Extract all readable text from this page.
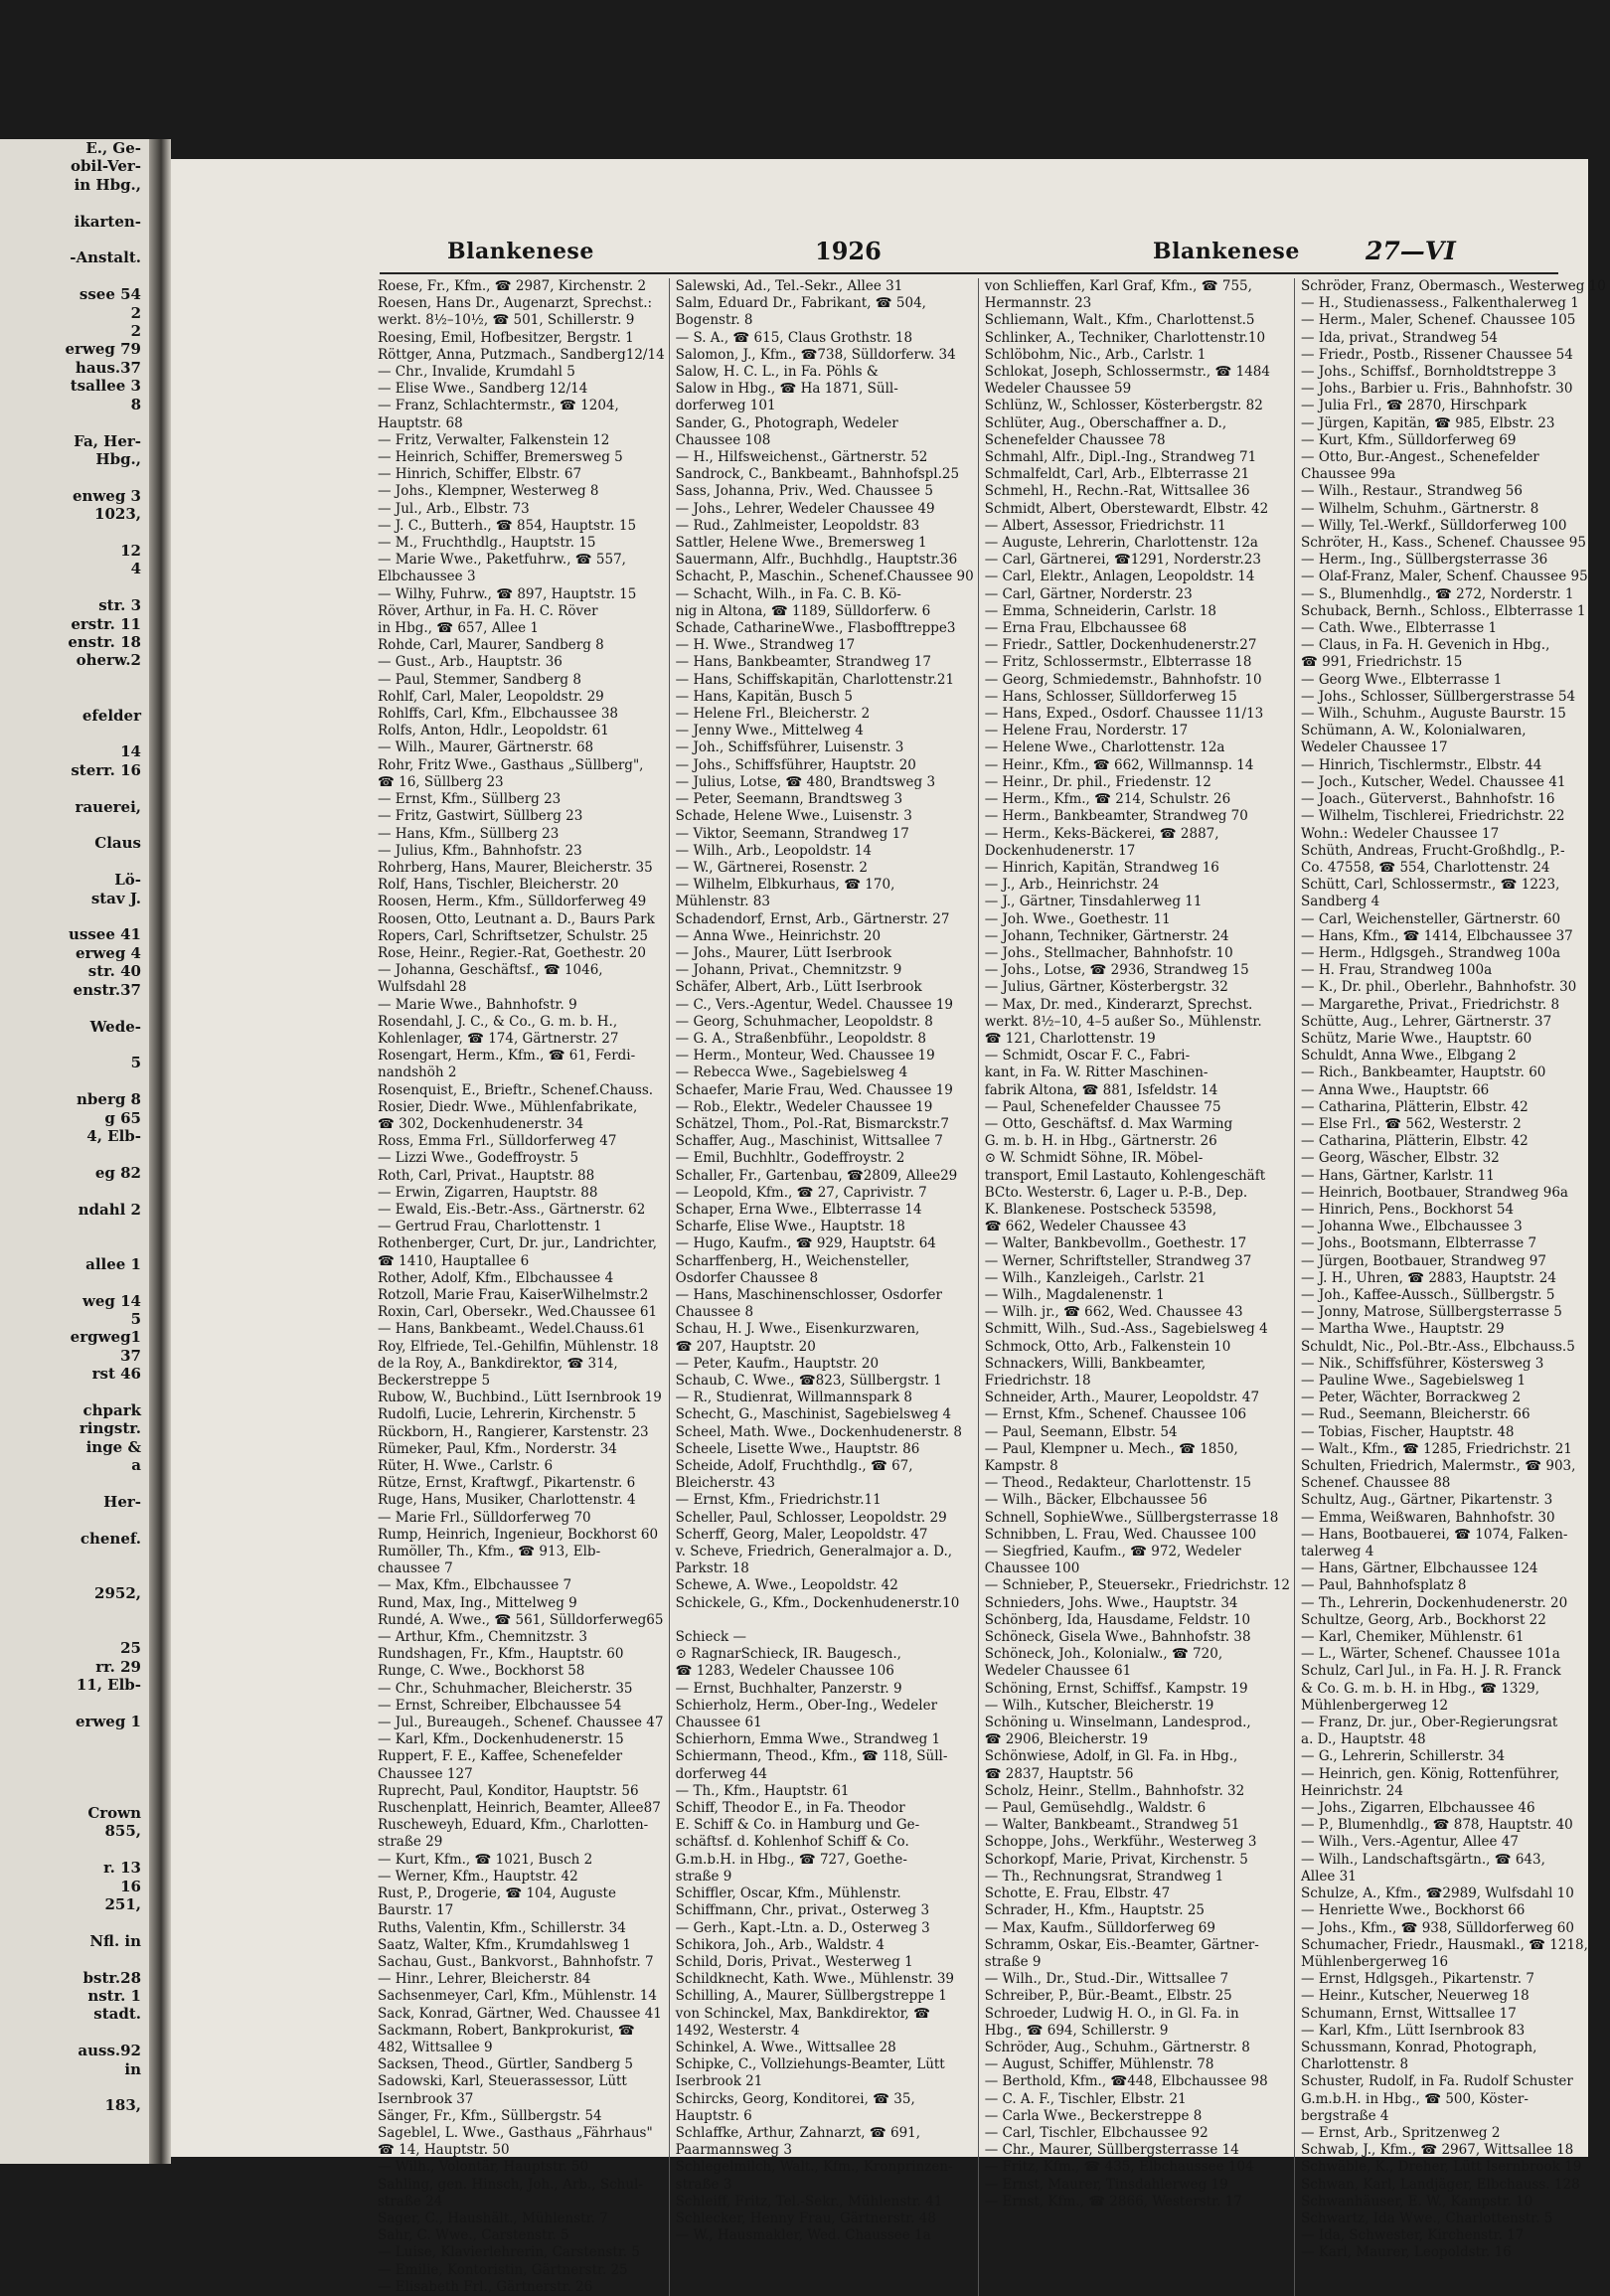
E., Ge-
obil-Ver-
in Hbg.,

ikarten-

-Anstalt.

ssee 54
2
2
erweg 79
haus.37
tsallee 3
8

Fa, Her-
Hbg.,

enweg 3
1023,

12
4

str. 3
erstr. 11
enstr. 18
oherw.2

efelder

14
sterr. 16

rauerei,

Claus

Lö-
stav J.

ussee 41
erweg 4
str. 40
enstr.37

Wede-

5

nberg 8
g 65
4, Elb-

eg 82

ndahl 2

allee 1

weg 14
5
ergweg1
37
rst 46

chpark
ringstr.
inge &
a

Her-

chenef.

2952,

25
rr. 29
11, Elb-

erweg 1

Crown
855,

r. 13
16
251,

Nfl. in

bstr.28
nstr. 1
stadt.

auss.92
in

183,
Blankenese	1926	Blankenese	27—VI
Roese, Fr., Kfm., ☎ 2987, Kirchenstr. 2
Roesen, Hans Dr., Augenarzt, Sprechst.:
werkt. 8½–10½, ☎ 501, Schillerstr. 9
Roesing, Emil, Hofbesitzer, Bergstr. 1
Röttger, Anna, Putzmach., Sandberg12/14
— Chr., Invalide, Krumdahl 5
— Elise Wwe., Sandberg 12/14
— Franz, Schlachtermstr., ☎ 1204,
Hauptstr. 68
— Fritz, Verwalter, Falkenstein 12
— Heinrich, Schiffer, Bremersweg 5
— Hinrich, Schiffer, Elbstr. 67
— Johs., Klempner, Westerweg 8
— Jul., Arb., Elbstr. 73
— J. C., Butterh., ☎ 854, Hauptstr. 15
— M., Fruchthdlg., Hauptstr. 15
— Marie Wwe., Paketfuhrw., ☎ 557,
Elbchaussee 3
— Wilhy, Fuhrw., ☎ 897, Hauptstr. 15
Röver, Arthur, in Fa. H. C. Röver
in Hbg., ☎ 657, Allee 1
Rohde, Carl, Maurer, Sandberg 8
— Gust., Arb., Hauptstr. 36
— Paul, Stemmer, Sandberg 8
Rohlf, Carl, Maler, Leopoldstr. 29
Rohlffs, Carl, Kfm., Elbchaussee 38
Rolfs, Anton, Hdlr., Leopoldstr. 61
— Wilh., Maurer, Gärtnerstr. 68
Rohr, Fritz Wwe., Gasthaus „Süllberg",
☎ 16, Süllberg 23
— Ernst, Kfm., Süllberg 23
— Fritz, Gastwirt, Süllberg 23
— Hans, Kfm., Süllberg 23
— Julius, Kfm., Bahnhofstr. 23
Rohrberg, Hans, Maurer, Bleicherstr. 35
Rolf, Hans, Tischler, Bleicherstr. 20
Roosen, Herm., Kfm., Sülldorferweg 49
Roosen, Otto, Leutnant a. D., Baurs Park
Ropers, Carl, Schriftsetzer, Schulstr. 25
Rose, Heinr., Regier.-Rat, Goethestr. 20
— Johanna, Geschäftsf., ☎ 1046,
Wulfsdahl 28
— Marie Wwe., Bahnhofstr. 9
Rosendahl, J. C., & Co., G. m. b. H.,
Kohlenlager, ☎ 174, Gärtnerstr. 27
Rosengart, Herm., Kfm., ☎ 61, Ferdi-
nandshöh 2
Rosenquist, E., Brieftr., Schenef.Chauss.
Rosier, Diedr. Wwe., Mühlenfabrikate,
☎ 302, Dockenhudenerstr. 34
Ross, Emma Frl., Sülldorferweg 47
— Lizzi Wwe., Godeffroystr. 5
Roth, Carl, Privat., Hauptstr. 88
— Erwin, Zigarren, Hauptstr. 88
— Ewald, Eis.-Betr.-Ass., Gärtnerstr. 62
— Gertrud Frau, Charlottenstr. 1
Rothenberger, Curt, Dr. jur., Landrichter,
☎ 1410, Hauptallee 6
Rother, Adolf, Kfm., Elbchaussee 4
Rotzoll, Marie Frau, KaiserWilhelmstr.2
Roxin, Carl, Obersekr., Wed.Chaussee 61
— Hans, Bankbeamt., Wedel.Chauss.61
Roy, Elfriede, Tel.-Gehilfin, Mühlenstr. 18
de la Roy, A., Bankdirektor, ☎ 314,
Beckerstreppe 5
Rubow, W., Buchbind., Lütt Isernbrook 19
Rudolfi, Lucie, Lehrerin, Kirchenstr. 5
Rückborn, H., Rangierer, Karstenstr. 23
Rümeker, Paul, Kfm., Norderstr. 34
Rüter, H. Wwe., Carlstr. 6
Rütze, Ernst, Kraftwgf., Pikartenstr. 6
Ruge, Hans, Musiker, Charlottenstr. 4
— Marie Frl., Sülldorferweg 70
Rump, Heinrich, Ingenieur, Bockhorst 60
Rumöller, Th., Kfm., ☎ 913, Elb-
chaussee 7
— Max, Kfm., Elbchaussee 7
Rund, Max, Ing., Mittelweg 9
Rundé, A. Wwe., ☎ 561, Sülldorferweg65
— Arthur, Kfm., Chemnitzstr. 3
Rundshagen, Fr., Kfm., Hauptstr. 60
Runge, C. Wwe., Bockhorst 58
— Chr., Schuhmacher, Bleicherstr. 35
— Ernst, Schreiber, Elbchaussee 54
— Jul., Bureaugeh., Schenef. Chaussee 47
— Karl, Kfm., Dockenhudenerstr. 15
Ruppert, F. E., Kaffee, Schenefelder
Chaussee 127
Ruprecht, Paul, Konditor, Hauptstr. 56
Ruschenplatt, Heinrich, Beamter, Allee87
Ruscheweyh, Eduard, Kfm., Charlotten-
straße 29
— Kurt, Kfm., ☎ 1021, Busch 2
— Werner, Kfm., Hauptstr. 42
Rust, P., Drogerie, ☎ 104, Auguste
Baurstr. 17
Ruths, Valentin, Kfm., Schillerstr. 34
Saatz, Walter, Kfm., Krumdahlsweg 1
Sachau, Gust., Bankvorst., Bahnhofstr. 7
— Hinr., Lehrer, Bleicherstr. 84
Sachsenmeyer, Carl, Kfm., Mühlenstr. 14
Sack, Konrad, Gärtner, Wed. Chaussee 41
Sackmann, Robert, Bankprokurist, ☎
482, Wittsallee 9
Sacksen, Theod., Gürtler, Sandberg 5
Sadowski, Karl, Steuerassessor, Lütt
Isernbrook 37
Sänger, Fr., Kfm., Süllbergstr. 54
Sageblel, L. Wwe., Gasthaus „Fährhaus"
☎ 14, Hauptstr. 50
— Wilh., Volontär, Hauptstr. 50
Sahling, gen. Hinsch, Joh., Arb., Schul-
straße 24
Sager, C., Haushält., Mühlenstr. 7
Sahr, C. Wwe., Carstenstr. 5
— Luise, Klavierlehrerin, Carstenstr. 5
— Emilie, Kontoristin, Gärtnerstr. 25
— Elisabeth Frl., Gärtnerstr. 26
Salewski, Ad., Tel.-Sekr., Allee 31
Salm, Eduard Dr., Fabrikant, ☎ 504,
Bogenstr. 8
— S. A., ☎ 615, Claus Grothstr. 18
Salomon, J., Kfm., ☎738, Sülldorferw. 34
Salow, H. C. L., in Fa. Pöhls &
Salow in Hbg., ☎ Ha 1871, Süll-
dorferweg 101
Sander, G., Photograph, Wedeler
Chaussee 108
— H., Hilfsweichenst., Gärtnerstr. 52
Sandrock, C., Bankbeamt., Bahnhofspl.25
Sass, Johanna, Priv., Wed. Chaussee 5
— Johs., Lehrer, Wedeler Chaussee 49
— Rud., Zahlmeister, Leopoldstr. 83
Sattler, Helene Wwe., Bremersweg 1
Sauermann, Alfr., Buchhdlg., Hauptstr.36
Schacht, P., Maschin., Schenef.Chaussee 90
— Schacht, Wilh., in Fa. C. B. Kö-
nig in Altona, ☎ 1189, Sülldorferw. 6
Schade, CatharineWwe., Flasbofftreppe3
— H. Wwe., Strandweg 17
— Hans, Bankbeamter, Strandweg 17
— Hans, Schiffskapitän, Charlottenstr.21
— Hans, Kapitän, Busch 5
— Helene Frl., Bleicherstr. 2
— Jenny Wwe., Mittelweg 4
— Joh., Schiffsführer, Luisenstr. 3
— Johs., Schiffsführer, Hauptstr. 20
— Julius, Lotse, ☎ 480, Brandtsweg 3
— Peter, Seemann, Brandtsweg 3
Schade, Helene Wwe., Luisenstr. 3
— Viktor, Seemann, Strandweg 17
— Wilh., Arb., Leopoldstr. 14
— W., Gärtnerei, Rosenstr. 2
— Wilhelm, Elbkurhaus, ☎ 170,
Mühlenstr. 83
Schadendorf, Ernst, Arb., Gärtnerstr. 27
— Anna Wwe., Heinrichstr. 20
— Johs., Maurer, Lütt Iserbrook
— Johann, Privat., Chemnitzstr. 9
Schäfer, Albert, Arb., Lütt Iserbrook
— C., Vers.-Agentur, Wedel. Chaussee 19
— Georg, Schuhmacher, Leopoldstr. 8
— G. A., Straßenbführ., Leopoldstr. 8
— Herm., Monteur, Wed. Chaussee 19
— Rebecca Wwe., Sagebielsweg 4
Schaefer, Marie Frau, Wed. Chaussee 19
— Rob., Elektr., Wedeler Chaussee 19
Schätzel, Thom., Pol.-Rat, Bismarckstr.7
Schaffer, Aug., Maschinist, Wittsallee 7
— Emil, Buchhltr., Godeffroystr. 2
Schaller, Fr., Gartenbau, ☎2809, Allee29
— Leopold, Kfm., ☎ 27, Caprivistr. 7
Schaper, Erna Wwe., Elbterrasse 14
Scharfe, Elise Wwe., Hauptstr. 18
— Hugo, Kaufm., ☎ 929, Hauptstr. 64
Scharffenberg, H., Weichensteller,
Osdorfer Chaussee 8
— Hans, Maschinenschlosser, Osdorfer
Chaussee 8
Schau, H. J. Wwe., Eisenkurzwaren,
☎ 207, Hauptstr. 20
— Peter, Kaufm., Hauptstr. 20
Schaub, C. Wwe., ☎823, Süllbergstr. 1
— R., Studienrat, Willmannspark 8
Schecht, G., Maschinist, Sagebielsweg 4
Scheel, Math. Wwe., Dockenhudenerstr. 8
Scheele, Lisette Wwe., Hauptstr. 86
Scheide, Adolf, Fruchthdlg., ☎ 67,
Bleicherstr. 43
— Ernst, Kfm., Friedrichstr.11
Scheller, Paul, Schlosser, Leopoldstr. 29
Scherff, Georg, Maler, Leopoldstr. 47
v. Scheve, Friedrich, Generalmajor a. D.,
Parkstr. 18
Schewe, A. Wwe., Leopoldstr. 42
Schickele, G., Kfm., Dockenhudenerstr.10

Schieck —
⊙ RagnarSchieck, IR. Baugesch.,
☎ 1283, Wedeler Chaussee 106
— Ernst, Buchhalter, Panzerstr. 9
Schierholz, Herm., Ober-Ing., Wedeler
Chaussee 61
Schierhorn, Emma Wwe., Strandweg 1
Schiermann, Theod., Kfm., ☎ 118, Süll-
dorferweg 44
— Th., Kfm., Hauptstr. 61
Schiff, Theodor E., in Fa. Theodor
E. Schiff & Co. in Hamburg und Ge-
schäftsf. d. Kohlenhof Schiff & Co.
G.m.b.H. in Hbg., ☎ 727, Goethe-
straße 9
Schiffler, Oscar, Kfm., Mühlenstr.
Schiffmann, Chr., privat., Osterweg 3
— Gerh., Kapt.-Ltn. a. D., Osterweg 3
Schikora, Joh., Arb., Waldstr. 4
Schild, Doris, Privat., Westerweg 1
Schildknecht, Kath. Wwe., Mühlenstr. 39
Schilling, A., Maurer, Süllbergstreppe 1
von Schinckel, Max, Bankdirektor, ☎
1492, Westerstr. 4
Schinkel, A. Wwe., Wittsallee 28
Schipke, C., Vollziehungs-Beamter, Lütt
Iserbrook 21
Schircks, Georg, Konditorei, ☎ 35,
Hauptstr. 6
Schlaffke, Arthur, Zahnarzt, ☎ 691,
Paarmannsweg 3
Schlegelmilch, Walt., Kfm., Kronprinzen-
straße 3
Schleiff, Fritz, Tel.-Sekr., Mühlenstr. 41
Schlecker, Henny Frau, Gärtnerstr. 48
— W., Hausmakler, Wed. Chaussee 1a
von Schlieffen, Karl Graf, Kfm., ☎ 755,
Hermannstr. 23
Schliemann, Walt., Kfm., Charlottenst.5
Schlinker, A., Techniker, Charlottenstr.10
Schlöbohm, Nic., Arb., Carlstr. 1
Schlokat, Joseph, Schlossermstr., ☎ 1484
Wedeler Chaussee 59
Schlünz, W., Schlosser, Kösterbergstr. 82
Schlüter, Aug., Oberschaffner a. D.,
Schenefelder Chaussee 78
Schmahl, Alfr., Dipl.-Ing., Strandweg 71
Schmalfeldt, Carl, Arb., Elbterrasse 21
Schmehl, H., Rechn.-Rat, Wittsallee 36
Schmidt, Albert, Oberstewardt, Elbstr. 42
— Albert, Assessor, Friedrichstr. 11
— Auguste, Lehrerin, Charlottenstr. 12a
— Carl, Gärtnerei, ☎1291, Norderstr.23
— Carl, Elektr., Anlagen, Leopoldstr. 14
— Carl, Gärtner, Norderstr. 23
— Emma, Schneiderin, Carlstr. 18
— Erna Frau, Elbchaussee 68
— Friedr., Sattler, Dockenhudenerstr.27
— Fritz, Schlossermstr., Elbterrasse 18
— Georg, Schmiedemstr., Bahnhofstr. 10
— Hans, Schlosser, Sülldorferweg 15
— Hans, Exped., Osdorf. Chaussee 11/13
— Helene Frau, Norderstr. 17
— Helene Wwe., Charlottenstr. 12a
— Heinr., Kfm., ☎ 662, Willmannsp. 14
— Heinr., Dr. phil., Friedenstr. 12
— Herm., Kfm., ☎ 214, Schulstr. 26
— Herm., Bankbeamter, Strandweg 70
— Herm., Keks-Bäckerei, ☎ 2887,
Dockenhudenerstr. 17
— Hinrich, Kapitän, Strandweg 16
— J., Arb., Heinrichstr. 24
— J., Gärtner, Tinsdahlerweg 11
— Joh. Wwe., Goethestr. 11
— Johann, Techniker, Gärtnerstr. 24
— Johs., Stellmacher, Bahnhofstr. 10
— Johs., Lotse, ☎ 2936, Strandweg 15
— Julius, Gärtner, Kösterbergstr. 32
— Max, Dr. med., Kinderarzt, Sprechst.
werkt. 8½–10, 4–5 außer So., Mühlenstr.
☎ 121, Charlottenstr. 19
— Schmidt, Oscar F. C., Fabri-
kant, in Fa. W. Ritter Maschinen-
fabrik Altona, ☎ 881, Isfeldstr. 14
— Paul, Schenefelder Chaussee 75
— Otto, Geschäftsf. d. Max Warming
G. m. b. H. in Hbg., Gärtnerstr. 26
⊙ W. Schmidt Söhne, IR. Möbel-
transport, Emil Lastauto, Kohlengeschäft
BCto. Westerstr. 6, Lager u. P.-B., Dep.
K. Blankenese. Postscheck 53598,
☎ 662, Wedeler Chaussee 43
— Walter, Bankbevollm., Goethestr. 17
— Werner, Schriftsteller, Strandweg 37
— Wilh., Kanzleigeh., Carlstr. 21
— Wilh., Magdalenenstr. 1
— Wilh. jr., ☎ 662, Wed. Chaussee 43
Schmitt, Wilh., Sud.-Ass., Sagebielsweg 4
Schmock, Otto, Arb., Falkenstein 10
Schnackers, Willi, Bankbeamter,
Friedrichstr. 18
Schneider, Arth., Maurer, Leopoldstr. 47
— Ernst, Kfm., Schenef. Chaussee 106
— Paul, Seemann, Elbstr. 54
— Paul, Klempner u. Mech., ☎ 1850,
Kampstr. 8
— Theod., Redakteur, Charlottenstr. 15
— Wilh., Bäcker, Elbchaussee 56
Schnell, SophieWwe., Süllbergsterrasse 18
Schnibben, L. Frau, Wed. Chaussee 100
— Siegfried, Kaufm., ☎ 972, Wedeler
Chaussee 100
— Schnieber, P., Steuersekr., Friedrichstr. 12
Schnieders, Johs. Wwe., Hauptstr. 34
Schönberg, Ida, Hausdame, Feldstr. 10
Schöneck, Gisela Wwe., Bahnhofstr. 38
Schöneck, Joh., Kolonialw., ☎ 720,
Wedeler Chaussee 61
Schöning, Ernst, Schiffsf., Kampstr. 19
— Wilh., Kutscher, Bleicherstr. 19
Schöning u. Winselmann, Landesprod.,
☎ 2906, Bleicherstr. 19
Schönwiese, Adolf, in Gl. Fa. in Hbg.,
☎ 2837, Hauptstr. 56
Scholz, Heinr., Stellm., Bahnhofstr. 32
— Paul, Gemüsehdlg., Waldstr. 6
— Walter, Bankbeamt., Strandweg 51
Schoppe, Johs., Werkführ., Westerweg 3
Schorkopf, Marie, Privat, Kirchenstr. 5
— Th., Rechnungsrat, Strandweg 1
Schotte, E. Frau, Elbstr. 47
Schrader, H., Kfm., Hauptstr. 25
— Max, Kaufm., Sülldorferweg 69
Schramm, Oskar, Eis.-Beamter, Gärtner-
straße 9
— Wilh., Dr., Stud.-Dir., Wittsallee 7
Schreiber, P., Bür.-Beamt., Elbstr. 25
Schroeder, Ludwig H. O., in Gl. Fa. in
Hbg., ☎ 694, Schillerstr. 9
Schröder, Aug., Schuhm., Gärtnerstr. 8
— August, Schiffer, Mühlenstr. 78
— Berthold, Kfm., ☎448, Elbchaussee 98
— C. A. F., Tischler, Elbstr. 21
— Carla Wwe., Beckerstreppe 8
— Carl, Tischler, Elbchaussee 92
— Chr., Maurer, Süllbergsterrasse 14
— Fritz, Kfm., ☎ 435, Elbchaussee 104
— Ernst, Maurer, Tinsdahlerweg 19
— Ernst, Kfm., ☎ 2866, Westerstr. 17
Schröder, Franz, Obermasch., Westerweg 10
— H., Studienassess., Falkenthalerweg 1
— Herm., Maler, Schenef. Chaussee 105
— Ida, privat., Strandweg 54
— Friedr., Postb., Rissener Chaussee 54
— Johs., Schiffsf., Bornholdtstreppe 3
— Johs., Barbier u. Fris., Bahnhofstr. 30
— Julia Frl., ☎ 2870, Hirschpark
— Jürgen, Kapitän, ☎ 985, Elbstr. 23
— Kurt, Kfm., Sülldorferweg 69
— Otto, Bur.-Angest., Schenefelder
Chaussee 99a
— Wilh., Restaur., Strandweg 56
— Wilhelm, Schuhm., Gärtnerstr. 8
— Willy, Tel.-Werkf., Sülldorferweg 100
Schröter, H., Kass., Schenef. Chaussee 95
— Herm., Ing., Süllbergsterrasse 36
— Olaf-Franz, Maler, Schenf. Chaussee 95
— S., Blumenhdlg., ☎ 272, Norderstr. 1
Schuback, Bernh., Schloss., Elbterrasse 1
— Cath. Wwe., Elbterrasse 1
— Claus, in Fa. H. Gevenich in Hbg.,
☎ 991, Friedrichstr. 15
— Georg Wwe., Elbterrasse 1
— Johs., Schlosser, Süllbergerstrasse 54
— Wilh., Schuhm., Auguste Baurstr. 15
Schümann, A. W., Kolonialwaren,
Wedeler Chaussee 17
— Hinrich, Tischlermstr., Elbstr. 44
— Joch., Kutscher, Wedel. Chaussee 41
— Joach., Güterverst., Bahnhofstr. 16
— Wilhelm, Tischlerei, Friedrichstr. 22
Wohn.: Wedeler Chaussee 17
Schüth, Andreas, Frucht-Großhdlg., P.-
Co. 47558, ☎ 554, Charlottenstr. 24
Schütt, Carl, Schlossermstr., ☎ 1223,
Sandberg 4
— Carl, Weichensteller, Gärtnerstr. 60
— Hans, Kfm., ☎ 1414, Elbchaussee 37
— Herm., Hdlgsgeh., Strandweg 100a
— H. Frau, Strandweg 100a
— K., Dr. phil., Oberlehr., Bahnhofstr. 30
— Margarethe, Privat., Friedrichstr. 8
Schütte, Aug., Lehrer, Gärtnerstr. 37
Schütz, Marie Wwe., Hauptstr. 60
Schuldt, Anna Wwe., Elbgang 2
— Rich., Bankbeamter, Hauptstr. 60
— Anna Wwe., Hauptstr. 66
— Catharina, Plätterin, Elbstr. 42
— Else Frl., ☎ 562, Westerstr. 2
— Catharina, Plätterin, Elbstr. 42
— Georg, Wäscher, Elbstr. 32
— Hans, Gärtner, Karlstr. 11
— Heinrich, Bootbauer, Strandweg 96a
— Hinrich, Pens., Bockhorst 54
— Johanna Wwe., Elbchaussee 3
— Johs., Bootsmann, Elbterrasse 7
— Jürgen, Bootbauer, Strandweg 97
— J. H., Uhren, ☎ 2883, Hauptstr. 24
— Joh., Kaffee-Aussch., Süllbergstr. 5
— Jonny, Matrose, Süllbergsterrasse 5
— Martha Wwe., Hauptstr. 29
Schuldt, Nic., Pol.-Btr.-Ass., Elbchauss.5
— Nik., Schiffsführer, Köstersweg 3
— Pauline Wwe., Sagebielsweg 1
— Peter, Wächter, Borrackweg 2
— Rud., Seemann, Bleicherstr. 66
— Tobias, Fischer, Hauptstr. 48
— Walt., Kfm., ☎ 1285, Friedrichstr. 21
Schulten, Friedrich, Malermstr., ☎ 903,
Schenef. Chaussee 88
Schultz, Aug., Gärtner, Pikartenstr. 3
— Emma, Weißwaren, Bahnhofstr. 30
— Hans, Bootbauerei, ☎ 1074, Falken-
talerweg 4
— Hans, Gärtner, Elbchaussee 124
— Paul, Bahnhofsplatz 8
— Th., Lehrerin, Dockenhudenerstr. 20
Schultze, Georg, Arb., Bockhorst 22
— Karl, Chemiker, Mühlenstr. 61
— L., Wärter, Schenef. Chaussee 101a
Schulz, Carl Jul., in Fa. H. J. R. Franck
& Co. G. m. b. H. in Hbg., ☎ 1329,
Mühlenbergerweg 12
— Franz, Dr. jur., Ober-Regierungsrat
a. D., Hauptstr. 48
— G., Lehrerin, Schillerstr. 34
— Heinrich, gen. König, Rottenführer,
Heinrichstr. 24
— Johs., Zigarren, Elbchaussee 46
— P., Blumenhdlg., ☎ 878, Hauptstr. 40
— Wilh., Vers.-Agentur, Allee 47
— Wilh., Landschaftsgärtn., ☎ 643,
Allee 31
Schulze, A., Kfm., ☎2989, Wulfsdahl 10
— Henriette Wwe., Bockhorst 66
— Johs., Kfm., ☎ 938, Sülldorferweg 60
Schumacher, Friedr., Hausmakl., ☎ 1218,
Mühlenbergerweg 16
— Ernst, Hdlgsgeh., Pikartenstr. 7
— Heinr., Kutscher, Neuerweg 18
Schumann, Ernst, Wittsallee 17
— Karl, Kfm., Lütt Isernbrook 83
Schussmann, Konrad, Photograph,
Charlottenstr. 8
Schuster, Rudolf, in Fa. Rudolf Schuster
G.m.b.H. in Hbg., ☎ 500, Köster-
bergstraße 4
— Ernst, Arb., Spritzenweg 2
Schwab, J., Kfm., ☎ 2967, Wittsallee 18
Schwäble, K., Dreher, Lütt Isernbrook 19
Schwan, Karl, Landjäger, Elbchauss. 128
Schwanhäuser, E. W., Kampstr. 10
Schwartz, Ida Wwe., Charlottenstr. 5
— Ida, Schwester, Kirchenstr. 17
— Karl, Maurer, Leopoldstr. 16
